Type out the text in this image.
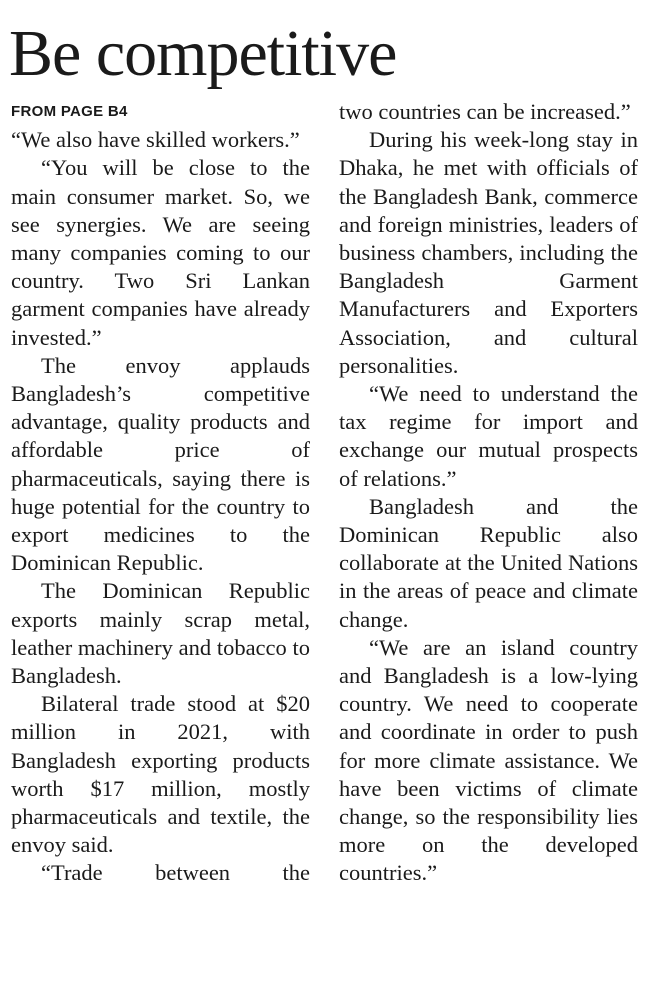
Be competitive
FROM PAGE B4

“We also have skilled workers.”

“You will be close to the main consumer market. So, we see synergies. We are seeing many companies coming to our country. Two Sri Lankan garment companies have already invested.”

The envoy applauds Bangladesh’s competitive advantage, quality products and affordable price of pharmaceuticals, saying there is huge potential for the country to export medicines to the Dominican Republic.

The Dominican Republic exports mainly scrap metal, leather machinery and tobacco to Bangladesh.

Bilateral trade stood at $20 million in 2021, with Bangladesh exporting products worth $17 million, mostly pharmaceuticals and textile, the envoy said.

“Trade between the

two countries can be increased.”

During his week-long stay in Dhaka, he met with officials of the Bangladesh Bank, commerce and foreign ministries, leaders of business chambers, including the Bangladesh Garment Manufacturers and Exporters Association, and cultural personalities.

“We need to understand the tax regime for import and exchange our mutual prospects of relations.”

Bangladesh and the Dominican Republic also collaborate at the United Nations in the areas of peace and climate change.

“We are an island country and Bangladesh is a low-lying country. We need to cooperate and coordinate in order to push for more climate assistance. We have been victims of climate change, so the responsibility lies more on the developed countries.”
